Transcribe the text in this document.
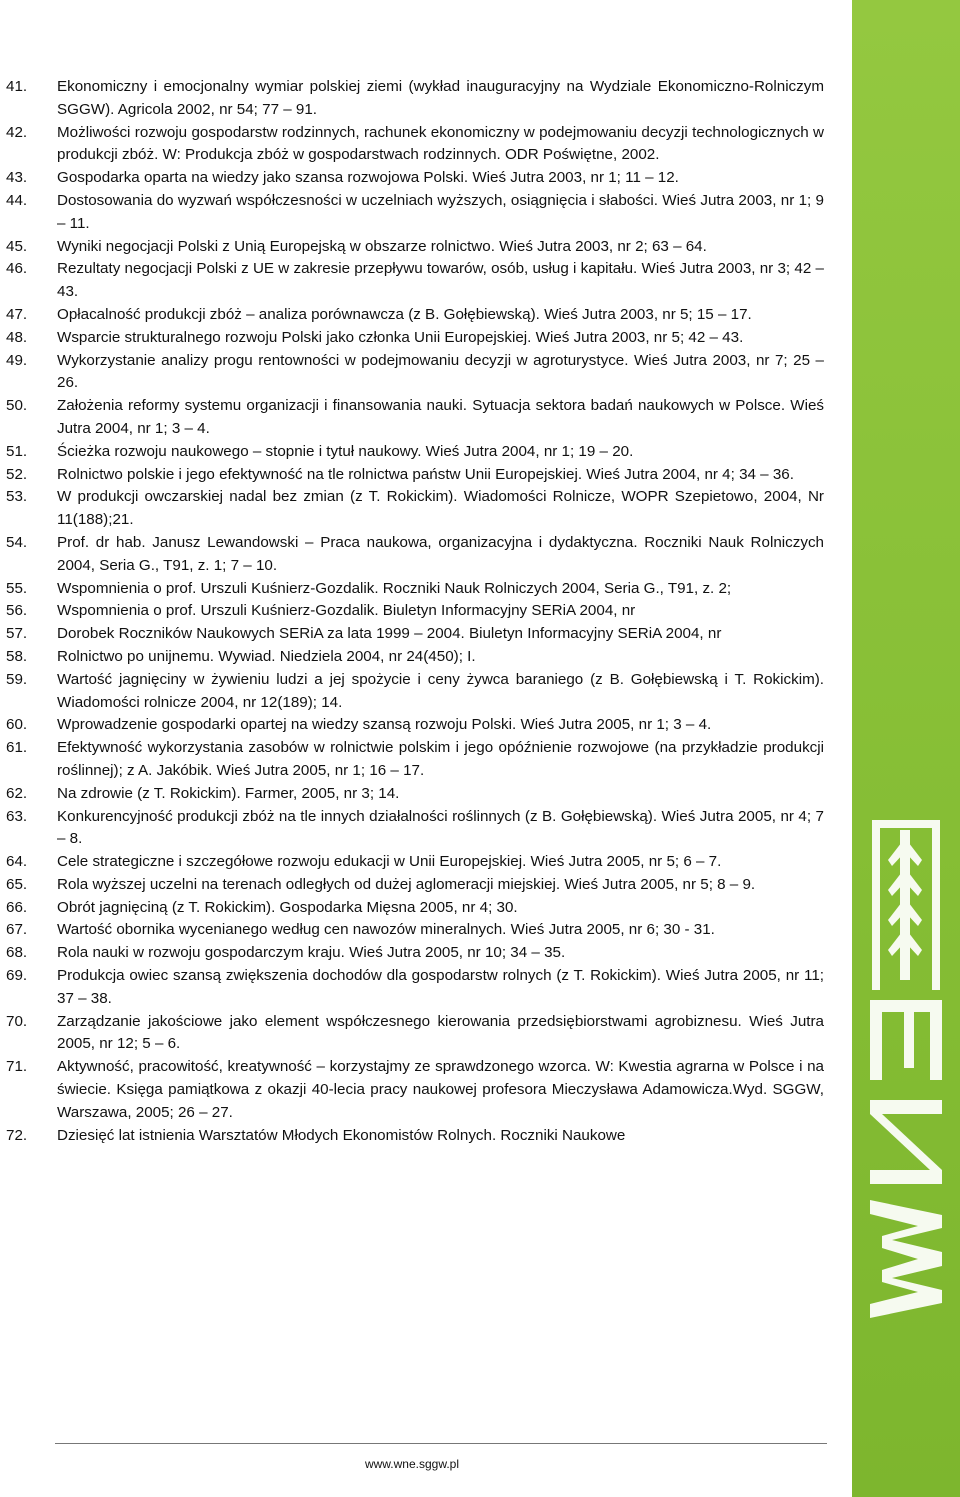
41. Ekonomiczny i emocjonalny wymiar polskiej ziemi (wykład inauguracyjny na Wydziale Ekonomiczno-Rolniczym SGGW). Agricola 2002, nr 54; 77 – 91.
42. Możliwości rozwoju gospodarstw rodzinnych, rachunek ekonomiczny w podejmowaniu decyzji technologicznych w produkcji zbóż. W: Produkcja zbóż w gospodarstwach rodzinnych. ODR Poświętne, 2002.
43. Gospodarka oparta na wiedzy jako szansa rozwojowa Polski. Wieś Jutra 2003, nr 1; 11 – 12.
44. Dostosowania do wyzwań współczesności w uczelniach wyższych, osiągnięcia i słabości. Wieś Jutra 2003, nr 1; 9 – 11.
45. Wyniki negocjacji Polski z Unią Europejską w obszarze rolnictwo. Wieś Jutra 2003, nr 2; 63 – 64.
46. Rezultaty negocjacji Polski z UE w zakresie przepływu towarów, osób, usług i kapitału. Wieś Jutra 2003, nr 3; 42 – 43.
47. Opłacalność produkcji zbóż – analiza porównawcza (z B. Gołębiewską). Wieś Jutra 2003, nr 5; 15 – 17.
48. Wsparcie strukturalnego rozwoju Polski jako członka Unii Europejskiej. Wieś Jutra 2003, nr 5; 42 – 43.
49. Wykorzystanie analizy progu rentowności w podejmowaniu decyzji w agroturystyce. Wieś Jutra 2003, nr 7; 25 – 26.
50. Założenia reformy systemu organizacji i finansowania nauki. Sytuacja sektora badań naukowych w Polsce. Wieś Jutra 2004, nr 1; 3 – 4.
51. Ścieżka rozwoju naukowego – stopnie i tytuł naukowy. Wieś Jutra 2004, nr 1; 19 – 20.
52. Rolnictwo polskie i jego efektywność na tle rolnictwa państw Unii Europejskiej. Wieś Jutra 2004, nr 4; 34 – 36.
53. W produkcji owczarskiej nadal bez zmian (z T. Rokickim). Wiadomości Rolnicze, WOPR Szepietowo, 2004, Nr 11(188);21.
54. Prof. dr hab. Janusz Lewandowski – Praca naukowa, organizacyjna i dydaktyczna. Roczniki Nauk Rolniczych 2004, Seria G., T91, z. 1; 7 – 10.
55. Wspomnienia o prof. Urszuli Kuśnierz-Gozdalik. Roczniki Nauk Rolniczych 2004, Seria G., T91, z. 2;
56. Wspomnienia o prof. Urszuli Kuśnierz-Gozdalik. Biuletyn Informacyjny SERiA 2004, nr
57. Dorobek Roczników Naukowych SERiA za lata 1999 – 2004. Biuletyn Informacyjny SERiA 2004, nr
58. Rolnictwo po unijnemu. Wywiad. Niedziela 2004, nr 24(450); I.
59. Wartość jagnięciny w żywieniu ludzi a jej spożycie i ceny żywca baraniego (z B. Gołębiewską i T. Rokickim). Wiadomości rolnicze 2004, nr 12(189); 14.
60. Wprowadzenie gospodarki opartej na wiedzy szansą rozwoju Polski. Wieś Jutra 2005, nr 1; 3 – 4.
61. Efektywność wykorzystania zasobów w rolnictwie polskim i jego opóźnienie rozwojowe (na przykładzie produkcji roślinnej); z A. Jakóbik. Wieś Jutra 2005, nr 1; 16 – 17.
62. Na zdrowie (z T. Rokickim). Farmer, 2005, nr 3; 14.
63. Konkurencyjność produkcji zbóż na tle innych działalności roślinnych (z B. Gołębiewską). Wieś Jutra 2005, nr 4; 7 – 8.
64. Cele strategiczne i szczegółowe rozwoju edukacji w Unii Europejskiej. Wieś Jutra 2005, nr 5; 6 – 7.
65. Rola wyższej uczelni na terenach odległych od dużej aglomeracji miejskiej. Wieś Jutra 2005, nr 5; 8 – 9.
66. Obrót jagnięciną (z T. Rokickim). Gospodarka Mięsna 2005, nr 4; 30.
67. Wartość obornika wycenianego według cen nawozów mineralnych. Wieś Jutra 2005, nr 6; 30 - 31.
68. Rola nauki w rozwoju gospodarczym kraju. Wieś Jutra 2005, nr 10; 34 – 35.
69. Produkcja owiec szansą zwiększenia dochodów dla gospodarstw rolnych (z T. Rokickim). Wieś Jutra 2005, nr 11; 37 – 38.
70. Zarządzanie jakościowe jako element współczesnego kierowania przedsiębiorstwami agrobiznesu. Wieś Jutra 2005, nr 12; 5 – 6.
71. Aktywność, pracowitość, kreatywność – korzystajmy ze sprawdzonego wzorca. W: Kwestia agrarna w Polsce i na świecie. Księga pamiątkowa z okazji 40-lecia pracy naukowej profesora Mieczysława Adamowicza.Wyd. SGGW, Warszawa, 2005; 26 – 27.
72. Dziesięć lat istnienia Warsztatów Młodych Ekonomistów Rolnych. Roczniki Naukowe
www.wne.sggw.pl
